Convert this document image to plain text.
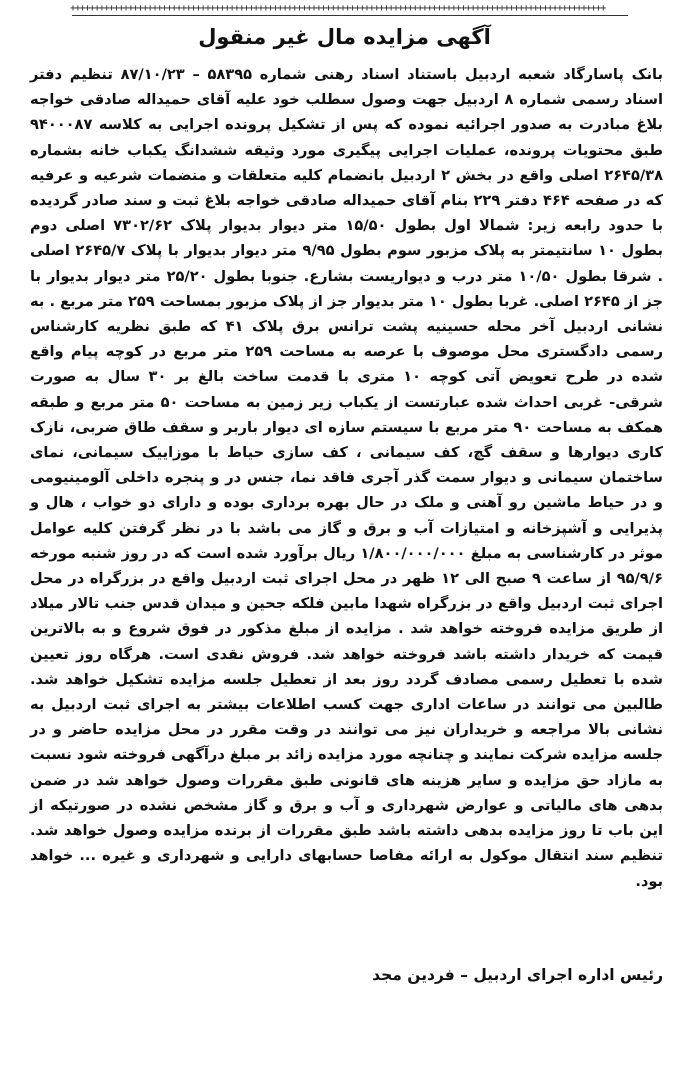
+++++++++++++++++++++++++++++++++++++++++++++++++++++++++++++++++++++++++++++++++++++++++++++++++++++++++++++++
آگهی مزایده مال غیر منقول

بانک پاسارگاد شعبه اردبیل باستناد اسناد رهنی شماره ۵۸۳۹۵ – ۸۷/۱۰/۲۳ تنظیم دفتر اسناد رسمی شماره ۸ اردبیل جهت وصول سطلب خود علیه آقای حمیداله صادقی خواجه بلاغ مبادرت به صدور اجرائیه نموده که پس از تشکیل پرونده اجرایی به کلاسه ۹۴۰۰۰۸۷ طبق محتویات پرونده، عملیات اجرایی پیگیری مورد وثیقه ششدانگ یکباب خانه بشماره ۲۶۴۵/۳۸ اصلی واقع در بخش ۲ اردبیل بانضمام کلیه متعلقات و منضمات شرعیه و عرفیه که در صفحه ۴۶۴ دفتر ۲۲۹ بنام آقای حمیداله صادقی خواجه بلاغ ثبت و سند صادر گردیده با حدود رابعه زیر: شمالا اول بطول ۱۵/۵۰ متر دیوار بدیوار پلاک ۷۳۰۲/۶۲ اصلی دوم بطول ۱۰ سانتیمتر به پلاک مزبور سوم بطول ۹/۹۵ متر دیوار بدیوار با پلاک ۲۶۴۵/۷ اصلی . شرقا بطول ۱۰/۵۰ متر درب و دیواریست بشارع. جنوبا بطول ۲۵/۲۰ متر دیوار بدیوار با جز از ۲۶۴۵ اصلی. غربا بطول ۱۰ متر بدیوار جز از پلاک مزبور بمساحت ۲۵۹ متر مربع . به نشانی اردبیل آخر محله حسینیه پشت ترانس برق پلاک ۴۱ که طبق نظریه کارشناس رسمی دادگستری محل موصوف با عرصه به مساحت ۲۵۹ متر مربع در کوچه پیام واقع شده در طرح تعویض آتی کوچه ۱۰ متری با قدمت ساخت بالغ بر ۳۰ سال به صورت شرقی- غربی احداث شده عبارتست از یکباب زیر زمین به مساحت ۵۰ متر مربع و طبقه همکف به مساحت ۹۰ متر مربع با سیستم سازه ای دیوار باربر و سقف طاق ضربی، نازک کاری دیوارها و سقف گچ، کف سیمانی ، کف سازی حیاط با موزاییک سیمانی، نمای ساختمان سیمانی و دیوار سمت گذر آجری فاقد نما، جنس در و پنجره داخلی آلومینیومی و در حیاط ماشین رو آهنی و ملک در حال بهره برداری بوده و دارای دو خواب ، هال و پذیرایی و آشپزخانه و امتیازات آب و برق و گاز می باشد با در نظر گرفتن کلیه عوامل موثر در کارشناسی به مبلغ ۱/۸۰۰/۰۰۰/۰۰۰ ریال برآورد شده است که در روز شنبه مورخه ۹۵/۹/۶ از ساعت ۹ صبح الی ۱۲ ظهر در محل اجرای ثبت اردبیل واقع در بزرگراه در محل اجرای ثبت اردبیل واقع در بزرگراه شهدا مابین فلکه جحین و میدان قدس جنب تالار میلاد از طریق مزایده فروخته خواهد شد . مزایده از مبلغ مذکور در فوق شروع و به بالاترین قیمت که خریدار داشته باشد فروخته خواهد شد. فروش نقدی است. هرگاه روز تعیین شده با تعطیل رسمی مصادف گردد روز بعد از تعطیل جلسه مزایده تشکیل خواهد شد. طالبین می توانند در ساعات اداری جهت کسب اطلاعات بیشتر به اجرای ثبت اردبیل به نشانی بالا مراجعه و خریداران نیز می توانند در وقت مقرر در محل مزایده حاضر و در جلسه مزایده شرکت نمایند و چنانچه مورد مزایده زائد بر مبلغ درآگهی فروخته شود نسبت به مازاد حق مزایده و سایر هزینه های قانونی طبق مقررات وصول خواهد شد در ضمن بدهی های مالیاتی و عوارض شهرداری و آب و برق و گاز مشخص نشده در صورتیکه از این باب تا روز مزایده بدهی داشته باشد طبق مقررات از برنده مزایده وصول خواهد شد. تنظیم سند انتقال موکول به ارائه مفاصا حسابهای دارایی و شهرداری و غیره ... خواهد بود.

رئیس اداره اجرای اردبیل – فردین مجد
